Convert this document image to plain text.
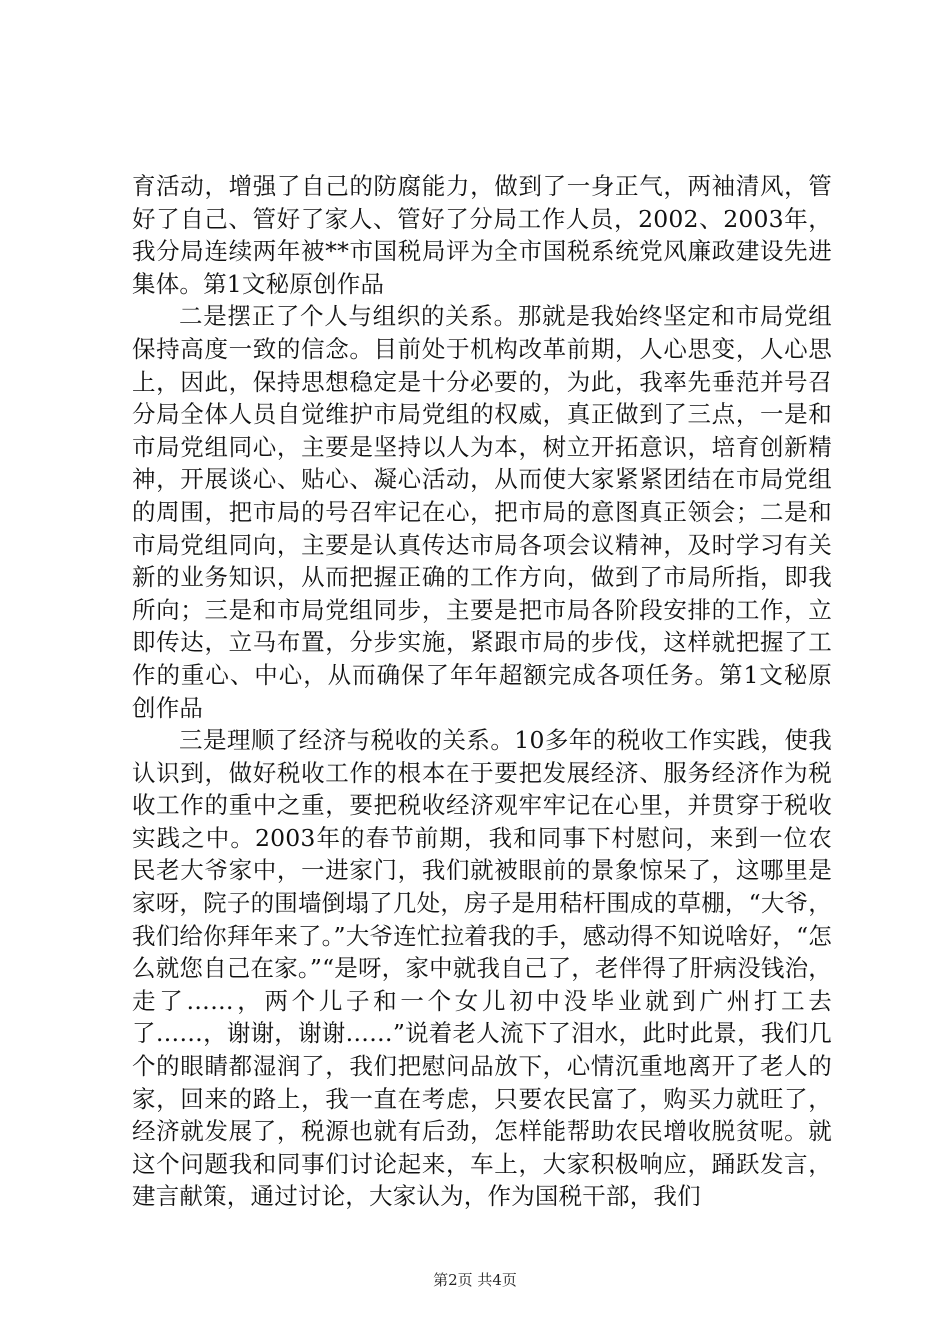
育活动，增强了自己的防腐能力，做到了一身正气，两袖清风，管好了自己、管好了家人、管好了分局工作人员，2002、2003年，我分局连续两年被**市国税局评为全市国税系统党风廉政建设先进集体。第1文秘原创作品

二是摆正了个人与组织的关系。那就是我始终坚定和市局党组保持高度一致的信念。目前处于机构改革前期，人心思变，人心思上，因此，保持思想稳定是十分必要的，为此，我率先垂范并号召分局全体人员自觉维护市局党组的权威，真正做到了三点，一是和市局党组同心，主要是坚持以人为本，树立开拓意识，培育创新精神，开展谈心、贴心、凝心活动，从而使大家紧紧团结在市局党组的周围，把市局的号召牢记在心，把市局的意图真正领会；二是和市局党组同向，主要是认真传达市局各项会议精神，及时学习有关新的业务知识，从而把握正确的工作方向，做到了市局所指，即我所向；三是和市局党组同步，主要是把市局各阶段安排的工作，立即传达，立马布置，分步实施，紧跟市局的步伐，这样就把握了工作的重心、中心，从而确保了年年超额完成各项任务。第1文秘原创作品

三是理顺了经济与税收的关系。10多年的税收工作实践，使我认识到，做好税收工作的根本在于要把发展经济、服务经济作为税收工作的重中之重，要把税收经济观牢牢记在心里，并贯穿于税收实践之中。2003年的春节前期，我和同事下村慰问，来到一位农民老大爷家中，一进家门，我们就被眼前的景象惊呆了，这哪里是家呀，院子的围墙倒塌了几处，房子是用秸杆围成的草棚，“大爷，我们给你拜年来了。”大爷连忙拉着我的手，感动得不知说啥好，“怎么就您自己在家。”“是呀，家中就我自己了，老伴得了肝病没钱治，走了……，两个儿子和一个女儿初中没毕业就到广州打工去了……，谢谢，谢谢……”说着老人流下了泪水，此时此景，我们几个的眼睛都湿润了，我们把慰问品放下，心情沉重地离开了老人的家，回来的路上，我一直在考虑，只要农民富了，购买力就旺了，经济就发展了，税源也就有后劲，怎样能帮助农民增收脱贫呢。就这个问题我和同事们讨论起来，车上，大家积极响应，踊跃发言，建言献策，通过讨论，大家认为，作为国税干部，我们

第2页 共4页
